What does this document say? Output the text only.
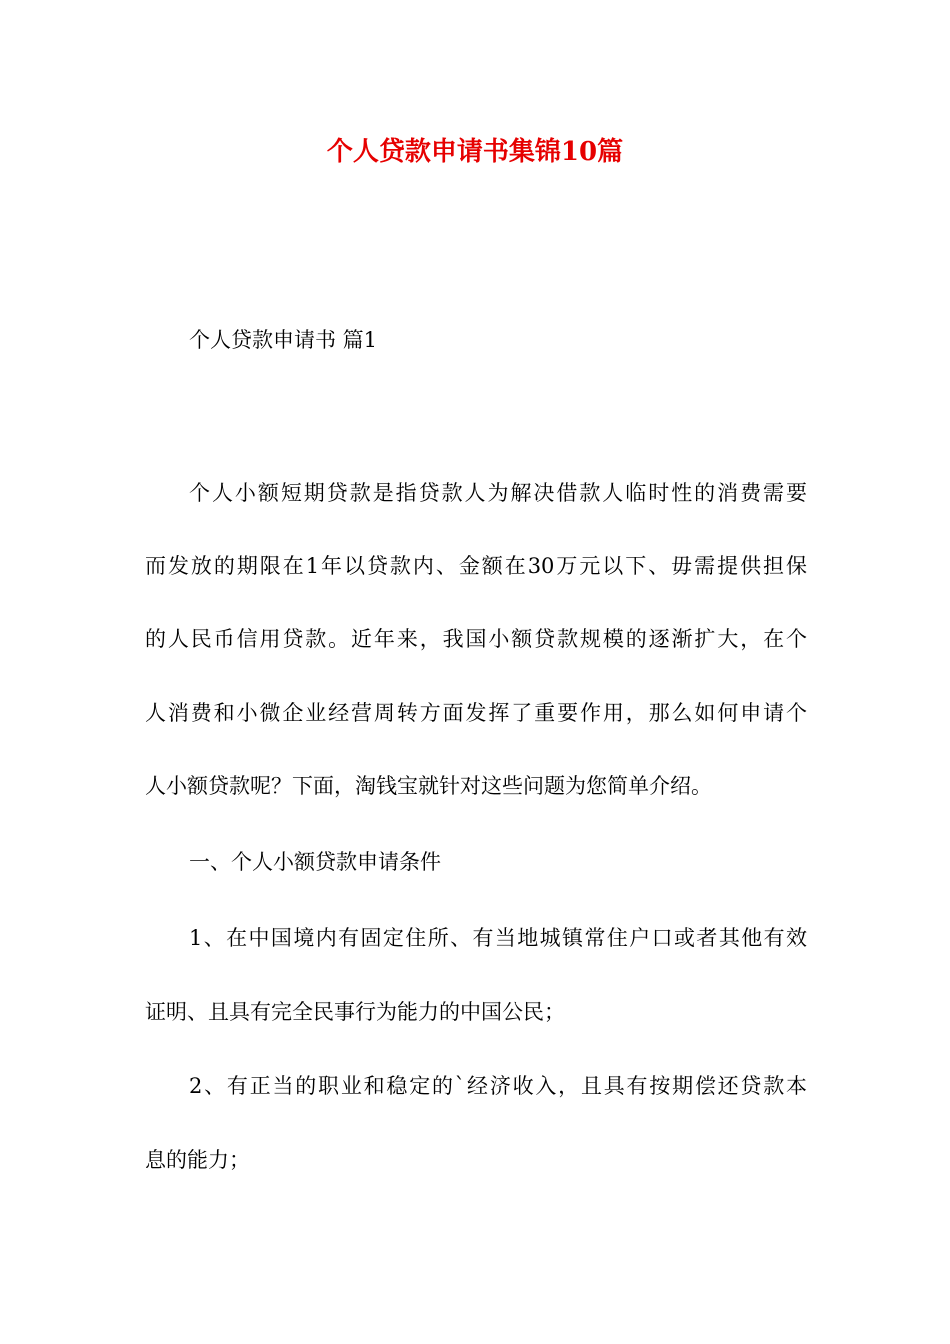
个人贷款申请书集锦10篇
个人贷款申请书 篇1
个人小额短期贷款是指贷款人为解决借款人临时性的消费需要
而发放的期限在1年以贷款内、金额在30万元以下、毋需提供担保
的人民币信用贷款。近年来，我国小额贷款规模的逐渐扩大，在个
人消费和小微企业经营周转方面发挥了重要作用，那么如何申请个
人小额贷款呢？下面，淘钱宝就针对这些问题为您简单介绍。
一、个人小额贷款申请条件
1、在中国境内有固定住所、有当地城镇常住户口或者其他有效
证明、且具有完全民事行为能力的中国公民；
2、有正当的职业和稳定的`经济收入，且具有按期偿还贷款本
息的能力；
